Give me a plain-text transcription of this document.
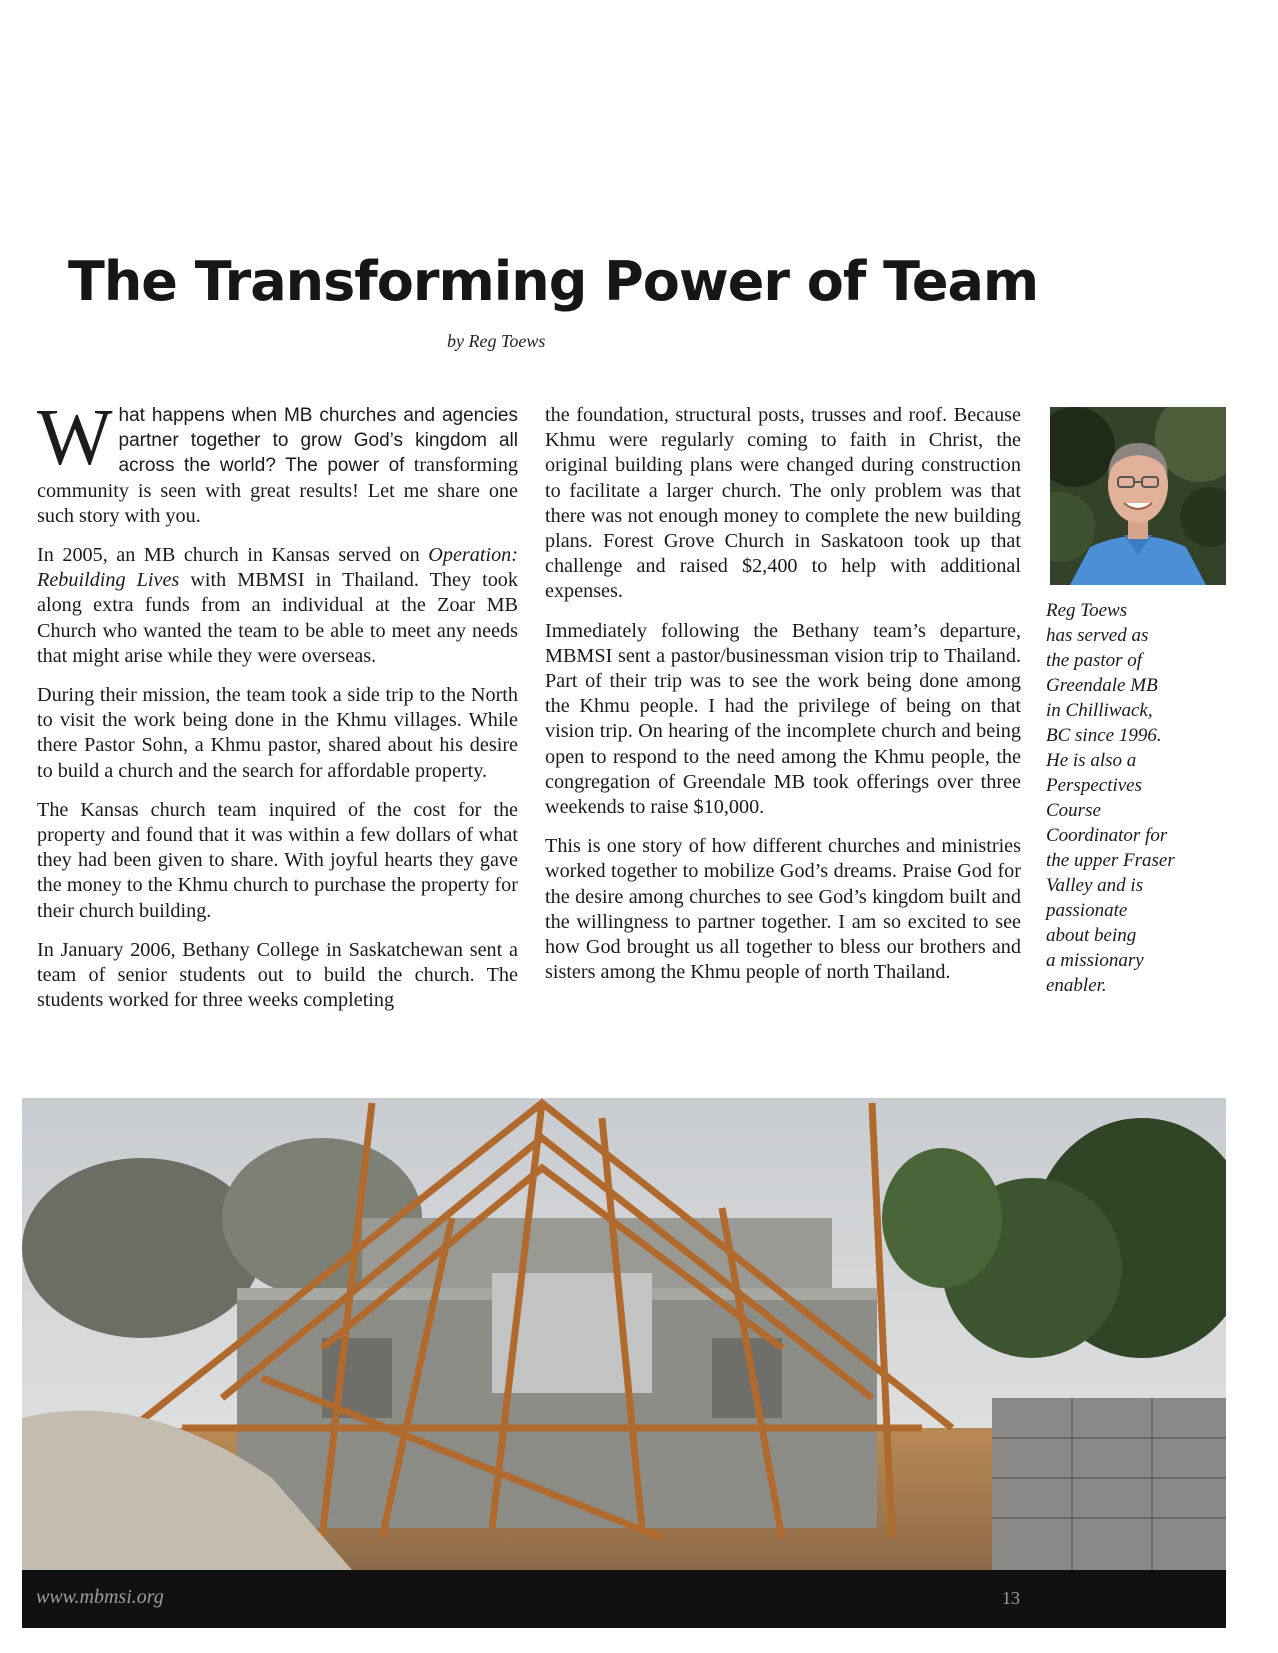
The Transforming Power of Team
by Reg Toews

What happens when MB churches and agencies partner together to grow God’s kingdom all across the world? The power of transforming community is seen with great results! Let me share one such story with you.

In 2005, an MB church in Kansas served on Operation: Rebuilding Lives with MBMSI in Thailand. They took along extra funds from an individual at the Zoar MB Church who wanted the team to be able to meet any needs that might arise while they were overseas.

During their mission, the team took a side trip to the North to visit the work being done in the Khmu villages. While there Pastor Sohn, a Khmu pastor, shared about his desire to build a church and the search for affordable property.

The Kansas church team inquired of the cost for the property and found that it was within a few dollars of what they had been given to share. With joyful hearts they gave the money to the Khmu church to purchase the property for their church building.

In January 2006, Bethany College in Saskatchewan sent a team of senior students out to build the church. The students worked for three weeks completing

the foundation, structural posts, trusses and roof. Because Khmu were regularly coming to faith in Christ, the original building plans were changed during construction to facilitate a larger church. The only problem was that there was not enough money to complete the new building plans. Forest Grove Church in Saskatoon took up that challenge and raised $2,400 to help with additional expenses.

Immediately following the Bethany team’s departure, MBMSI sent a pastor/businessman vision trip to Thailand. Part of their trip was to see the work being done among the Khmu people. I had the privilege of being on that vision trip. On hearing of the incomplete church and being open to respond to the need among the Khmu people, the congregation of Greendale MB took offerings over three weekends to raise $10,000.

This is one story of how different churches and ministries worked together to mobilize God’s dreams. Praise God for the desire among churches to see God’s kingdom built and the willingness to partner together. I am so excited to see how God brought us all together to bless our brothers and sisters among the Khmu people of north Thailand.

Reg Toews
has served as
the pastor of
Greendale MB
in Chilliwack,
BC since 1996.
He is also a
Perspectives
Course
Coordinator for
the upper Fraser
Valley and is
passionate
about being
a missionary
enabler.
www.mbmsi.org	13
